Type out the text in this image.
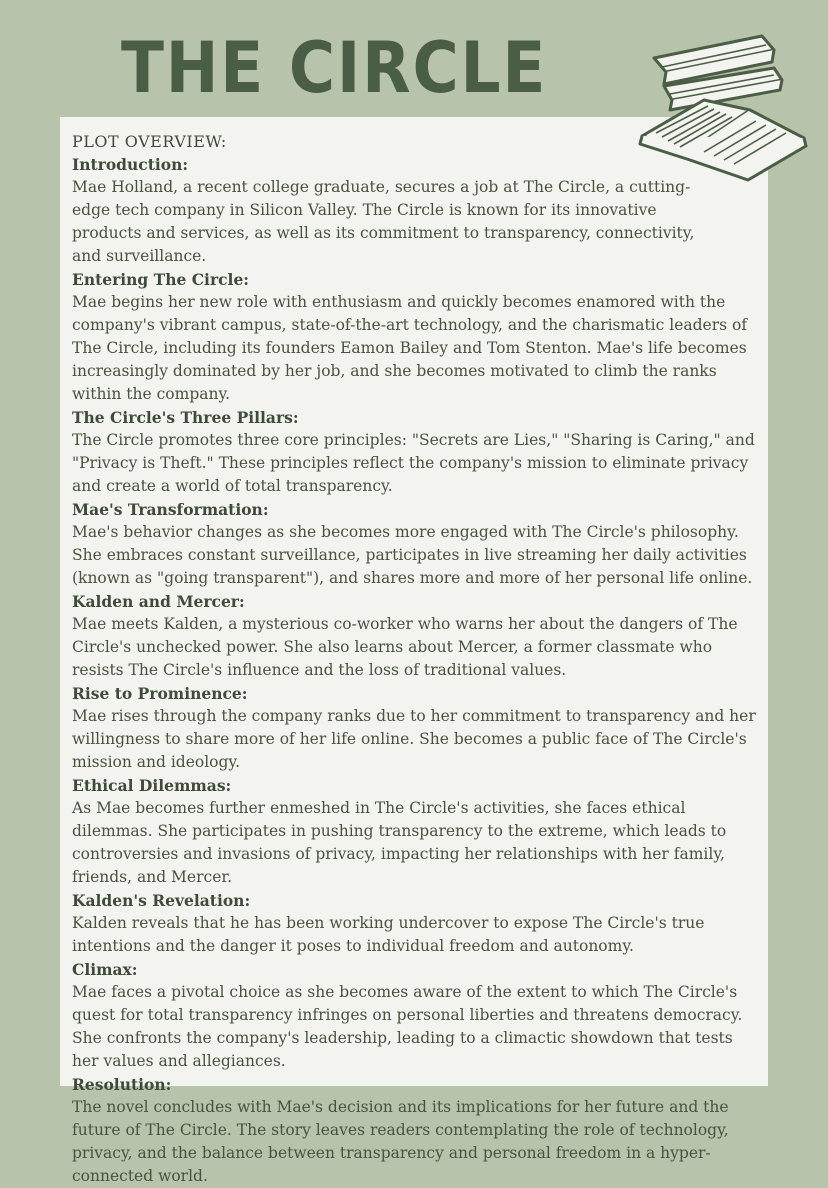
THE CIRCLE
PLOT OVERVIEW:
Introduction:

Mae Holland, a recent college graduate, secures a job at The Circle, a cutting-edge tech company in Silicon Valley. The Circle is known for its innovative products and services, as well as its commitment to transparency, connectivity, and surveillance.

Entering The Circle:

Mae begins her new role with enthusiasm and quickly becomes enamored with the company's vibrant campus, state-of-the-art technology, and the charismatic leaders of The Circle, including its founders Eamon Bailey and Tom Stenton. Mae's life becomes increasingly dominated by her job, and she becomes motivated to climb the ranks within the company.

The Circle's Three Pillars:

The Circle promotes three core principles: "Secrets are Lies," "Sharing is Caring," and "Privacy is Theft." These principles reflect the company's mission to eliminate privacy and create a world of total transparency.

Mae's Transformation:

Mae's behavior changes as she becomes more engaged with The Circle's philosophy. She embraces constant surveillance, participates in live streaming her daily activities (known as "going transparent"), and shares more and more of her personal life online.

Kalden and Mercer:

Mae meets Kalden, a mysterious co-worker who warns her about the dangers of The Circle's unchecked power. She also learns about Mercer, a former classmate who resists The Circle's influence and the loss of traditional values.

Rise to Prominence:

Mae rises through the company ranks due to her commitment to transparency and her willingness to share more of her life online. She becomes a public face of The Circle's mission and ideology.

Ethical Dilemmas:

As Mae becomes further enmeshed in The Circle's activities, she faces ethical dilemmas. She participates in pushing transparency to the extreme, which leads to controversies and invasions of privacy, impacting her relationships with her family, friends, and Mercer.

Kalden's Revelation:

Kalden reveals that he has been working undercover to expose The Circle's true intentions and the danger it poses to individual freedom and autonomy.

Climax:

Mae faces a pivotal choice as she becomes aware of the extent to which The Circle's quest for total transparency infringes on personal liberties and threatens democracy. She confronts the company's leadership, leading to a climactic showdown that tests her values and allegiances.

Resolution:

The novel concludes with Mae's decision and its implications for her future and the future of The Circle. The story leaves readers contemplating the role of technology, privacy, and the balance between transparency and personal freedom in a hyper-connected world.
